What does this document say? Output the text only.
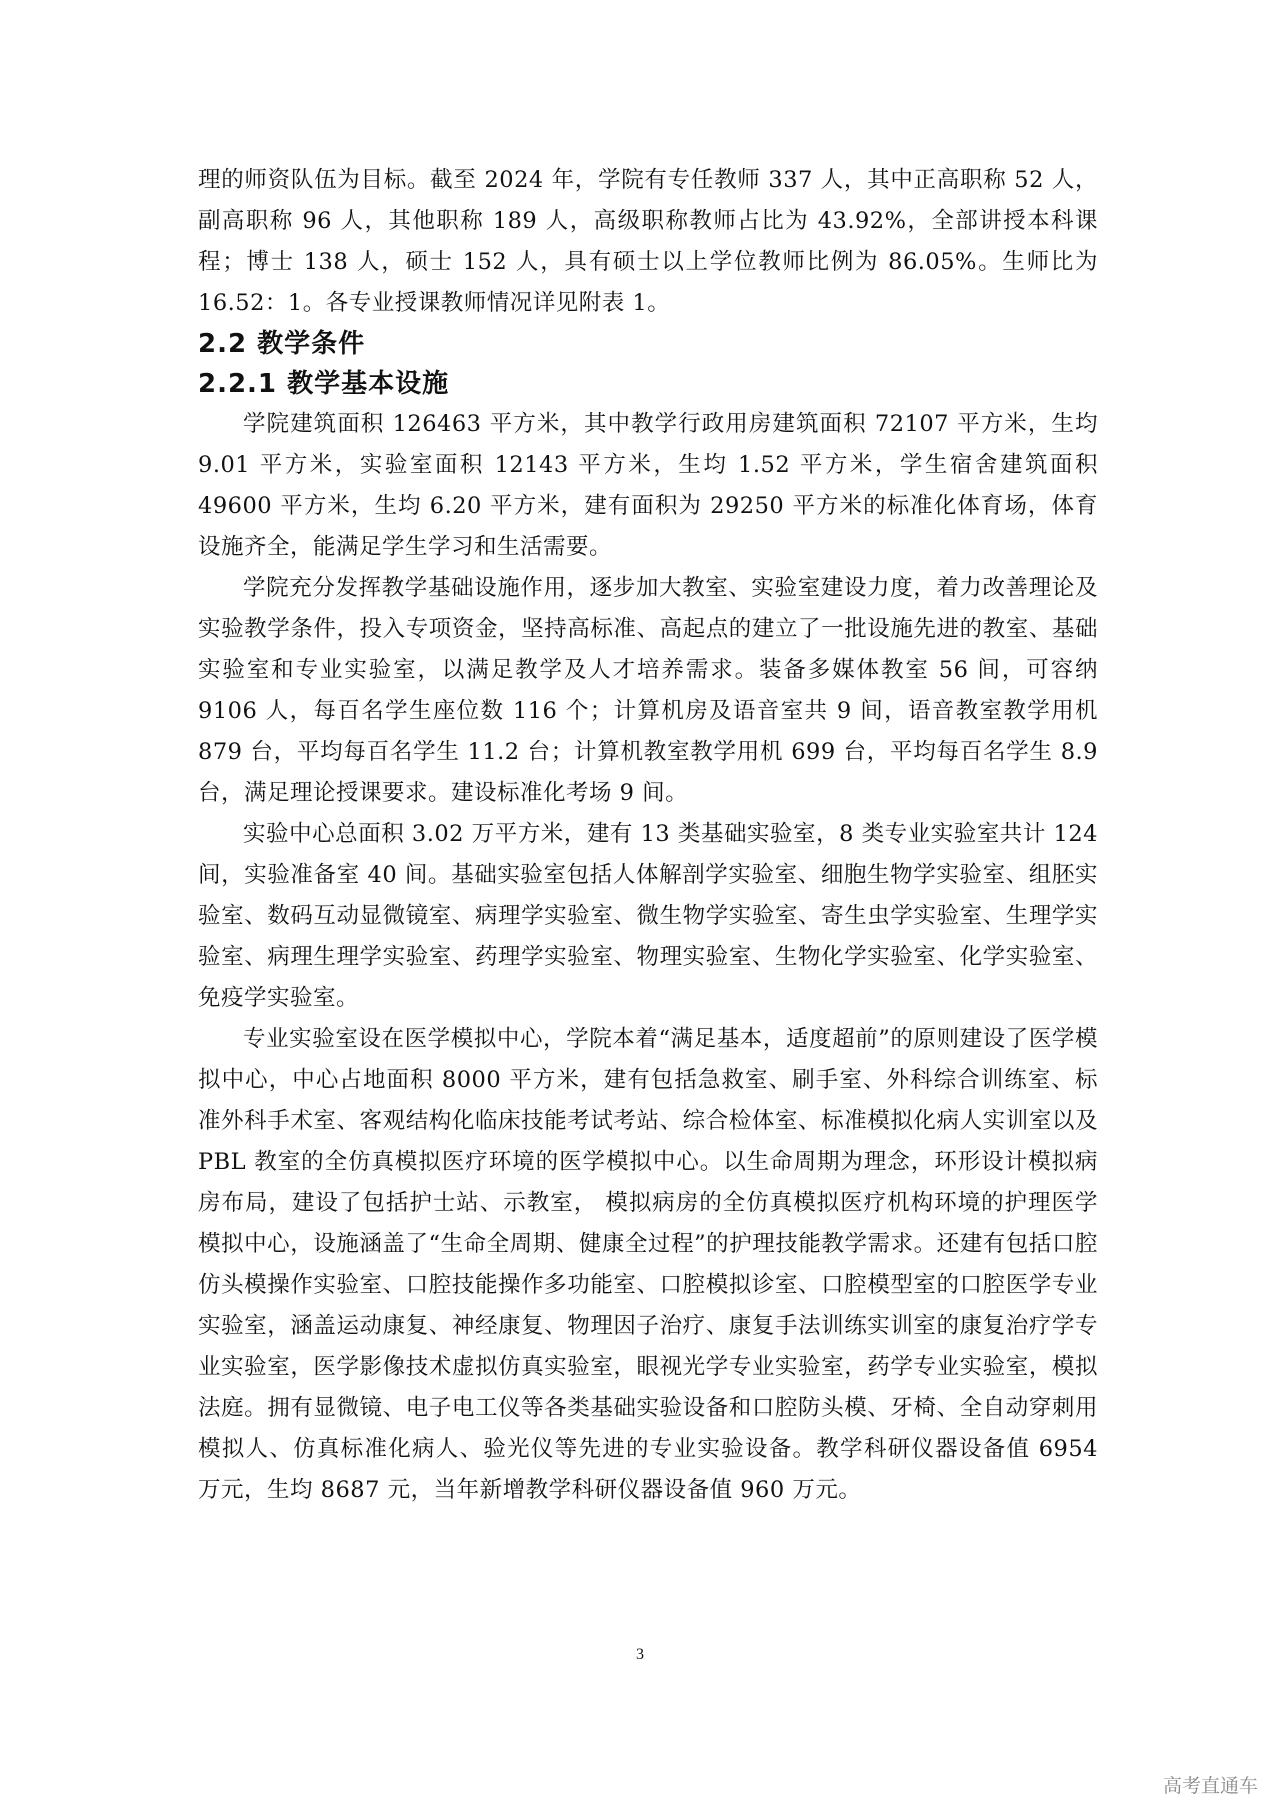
理的师资队伍为目标。截至 2024 年，学院有专任教师 337 人，其中正高职称 52 人，副高职称 96 人，其他职称 189 人，高级职称教师占比为 43.92%，全部讲授本科课程；博士 138 人，硕士 152 人，具有硕士以上学位教师比例为 86.05%。生师比为 16.52：1。各专业授课教师情况详见附表 1。

2.2 教学条件
2.2.1 教学基本设施

学院建筑面积 126463 平方米，其中教学行政用房建筑面积 72107 平方米，生均 9.01 平方米，实验室面积 12143 平方米，生均 1.52 平方米，学生宿舍建筑面积 49600 平方米，生均 6.20 平方米，建有面积为 29250 平方米的标准化体育场，体育设施齐全，能满足学生学习和生活需要。

学院充分发挥教学基础设施作用，逐步加大教室、实验室建设力度，着力改善理论及实验教学条件，投入专项资金，坚持高标准、高起点的建立了一批设施先进的教室、基础实验室和专业实验室，以满足教学及人才培养需求。装备多媒体教室 56 间，可容纳 9106 人，每百名学生座位数 116 个；计算机房及语音室共 9 间，语音教室教学用机 879 台，平均每百名学生 11.2 台；计算机教室教学用机 699 台，平均每百名学生 8.9 台，满足理论授课要求。建设标准化考场 9 间。

实验中心总面积 3.02 万平方米，建有 13 类基础实验室，8 类专业实验室共计 124 间，实验准备室 40 间。基础实验室包括人体解剖学实验室、细胞生物学实验室、组胚实验室、数码互动显微镜室、病理学实验室、微生物学实验室、寄生虫学实验室、生理学实验室、病理生理学实验室、药理学实验室、物理实验室、生物化学实验室、化学实验室、免疫学实验室。

专业实验室设在医学模拟中心，学院本着“满足基本，适度超前”的原则建设了医学模拟中心，中心占地面积 8000 平方米，建有包括急救室、刷手室、外科综合训练室、标准外科手术室、客观结构化临床技能考试考站、综合检体室、标准模拟化病人实训室以及 PBL 教室的全仿真模拟医疗环境的医学模拟中心。以生命周期为理念，环形设计模拟病房布局，建设了包括护士站、示教室， 模拟病房的全仿真模拟医疗机构环境的护理医学模拟中心，设施涵盖了“生命全周期、健康全过程”的护理技能教学需求。还建有包括口腔仿头模操作实验室、口腔技能操作多功能室、口腔模拟诊室、口腔模型室的口腔医学专业实验室，涵盖运动康复、神经康复、物理因子治疗、康复手法训练实训室的康复治疗学专业实验室，医学影像技术虚拟仿真实验室，眼视光学专业实验室，药学专业实验室，模拟法庭。拥有显微镜、电子电工仪等各类基础实验设备和口腔防头模、牙椅、全自动穿刺用模拟人、仿真标准化病人、验光仪等先进的专业实验设备。教学科研仪器设备值 6954 万元，生均 8687 元，当年新增教学科研仪器设备值 960 万元。

3
高考直通车
